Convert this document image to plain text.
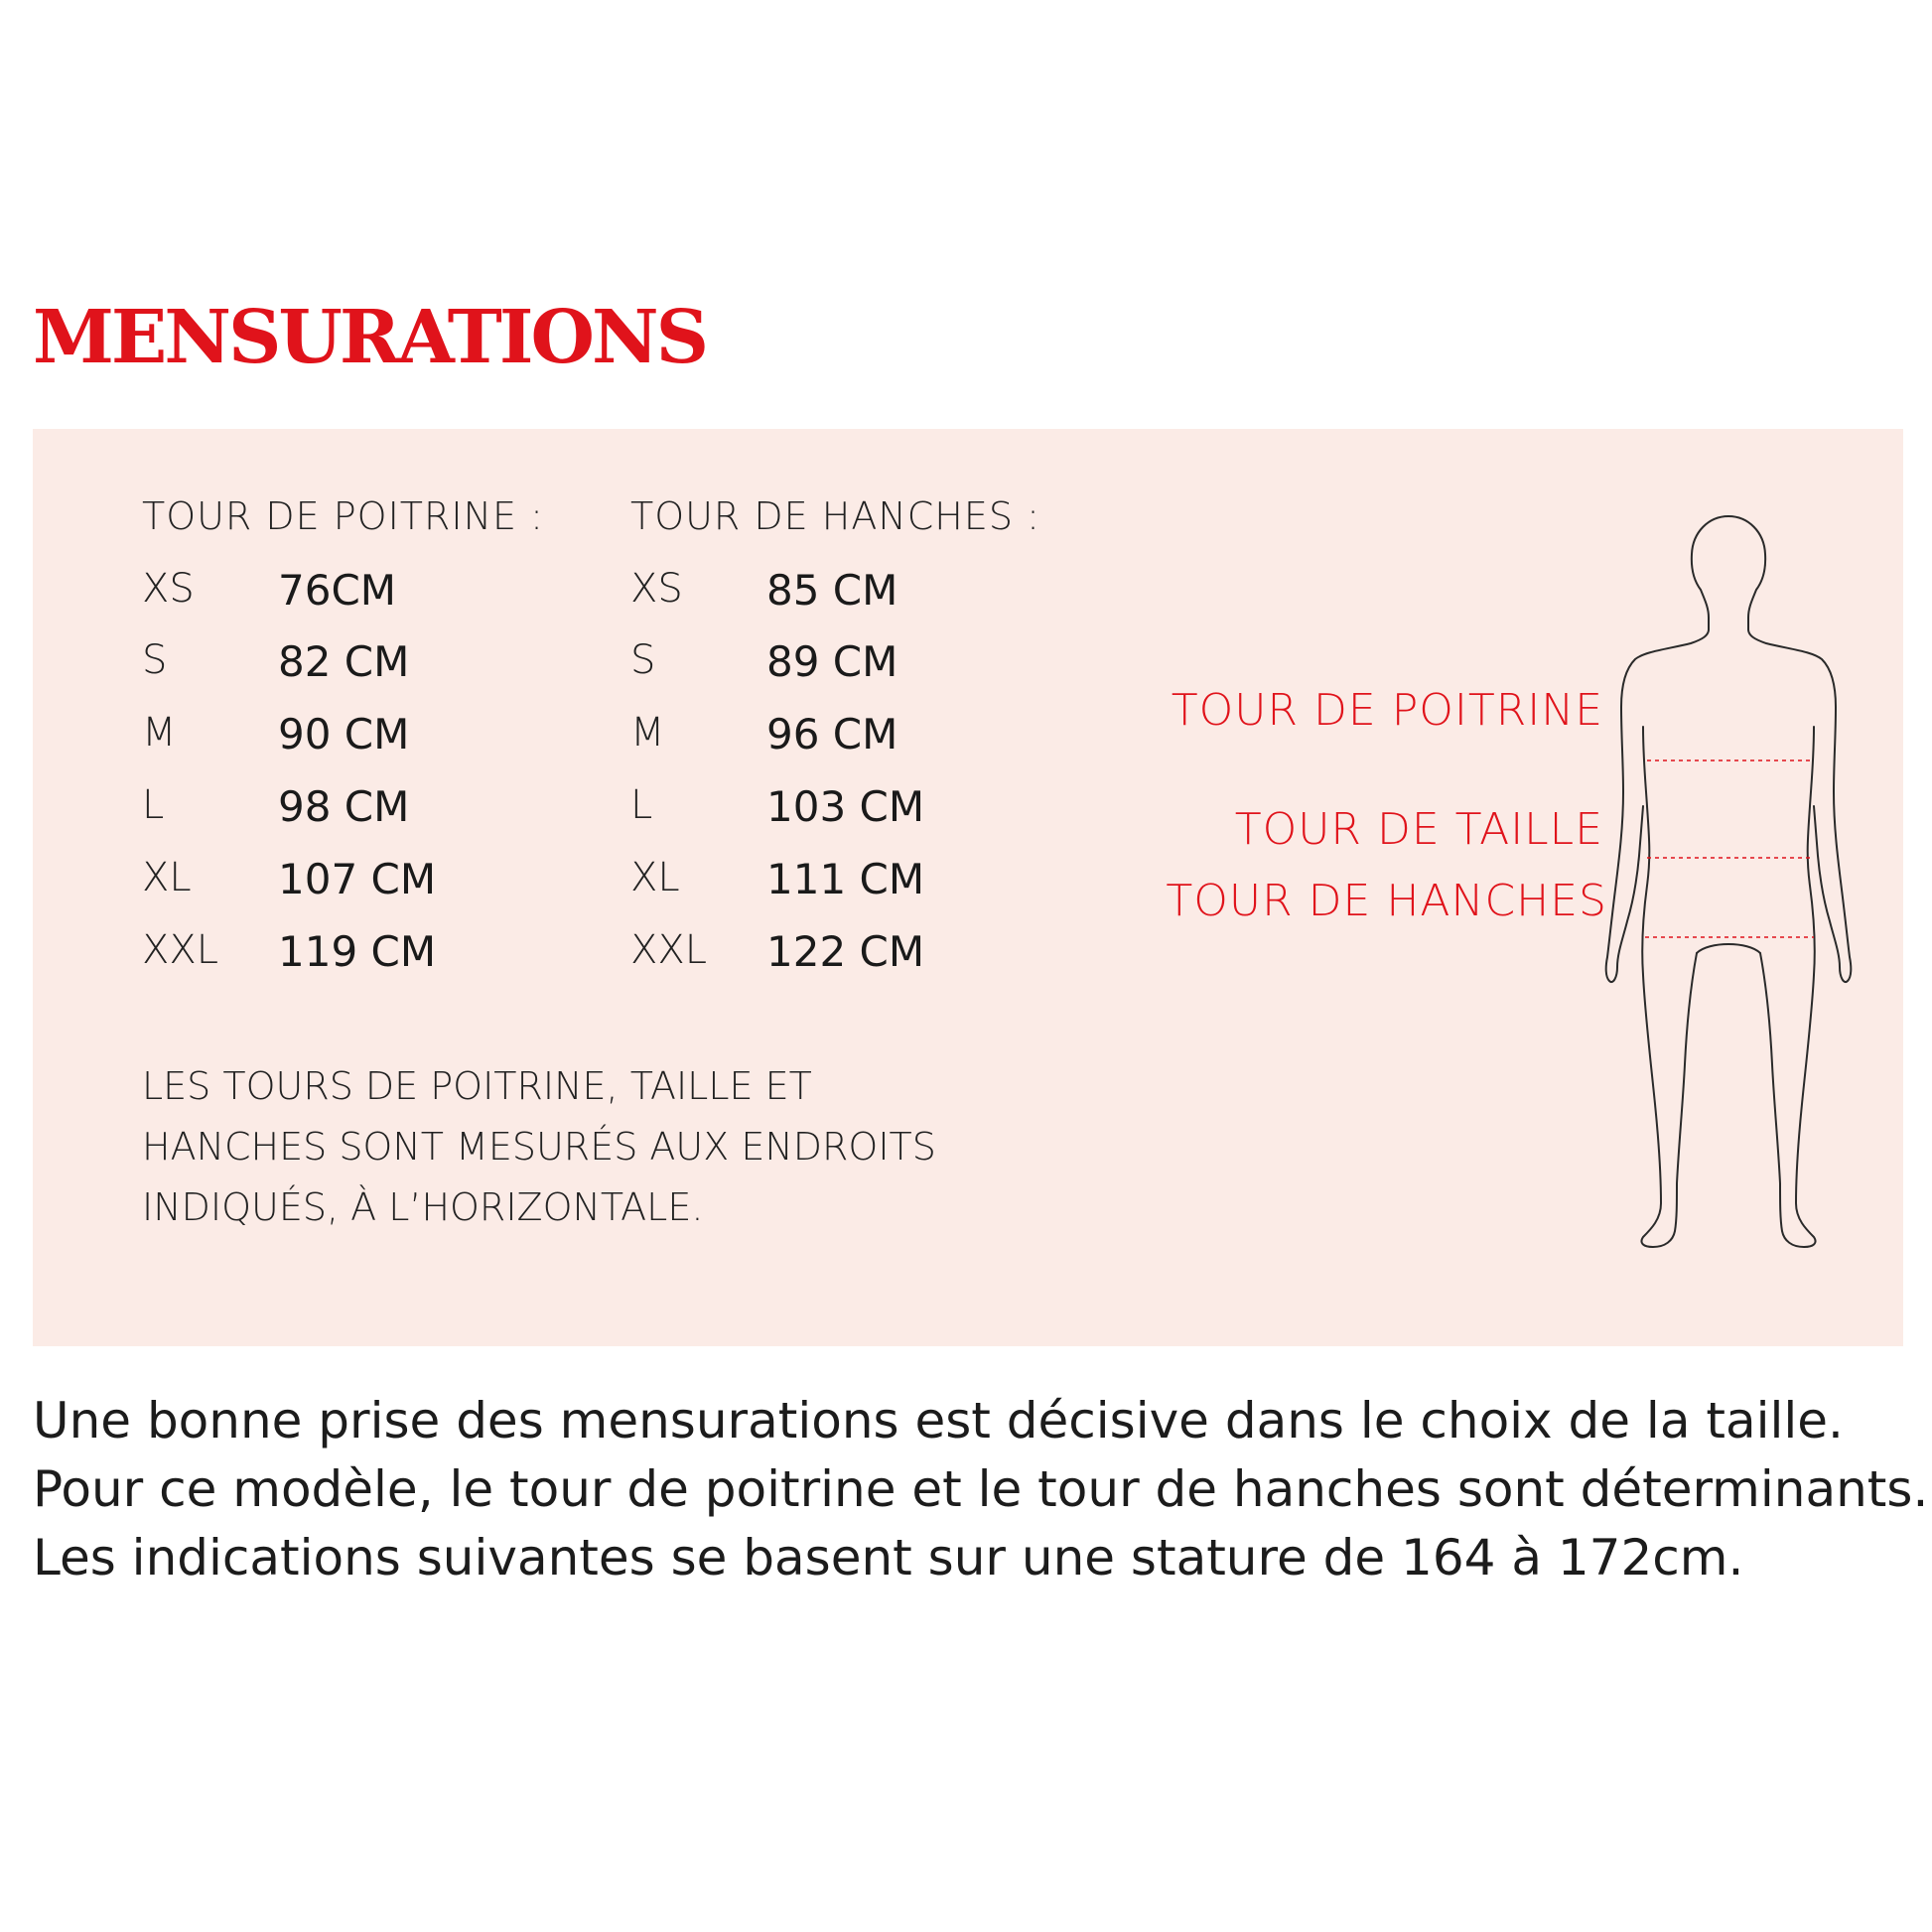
MENSURATIONS
TOUR DE POITRINE :
XS 76CM
S	82 CM
M 90 CM
L	98 CM
XL 107 CM
XXL 119 CM
TOUR DE HANCHES :
XS 85 CM
S	89 CM
M 96 CM
L	103 CM
XL 111 CM
XXL 122 CM
LES TOURS DE POITRINE, TAILLE ET
HANCHES SONT MESURÉS AUX ENDROITS
INDIQUÉS, À L’HORIZONTALE.
TOUR DE POITRINE
TOUR DE TAILLE
TOUR DE HANCHES
Une bonne prise des mensurations est décisive dans le choix de la taille.
Pour ce modèle, le tour de poitrine et le tour de hanches sont déterminants.
Les indications suivantes se basent sur une stature de 164 à 172cm.
